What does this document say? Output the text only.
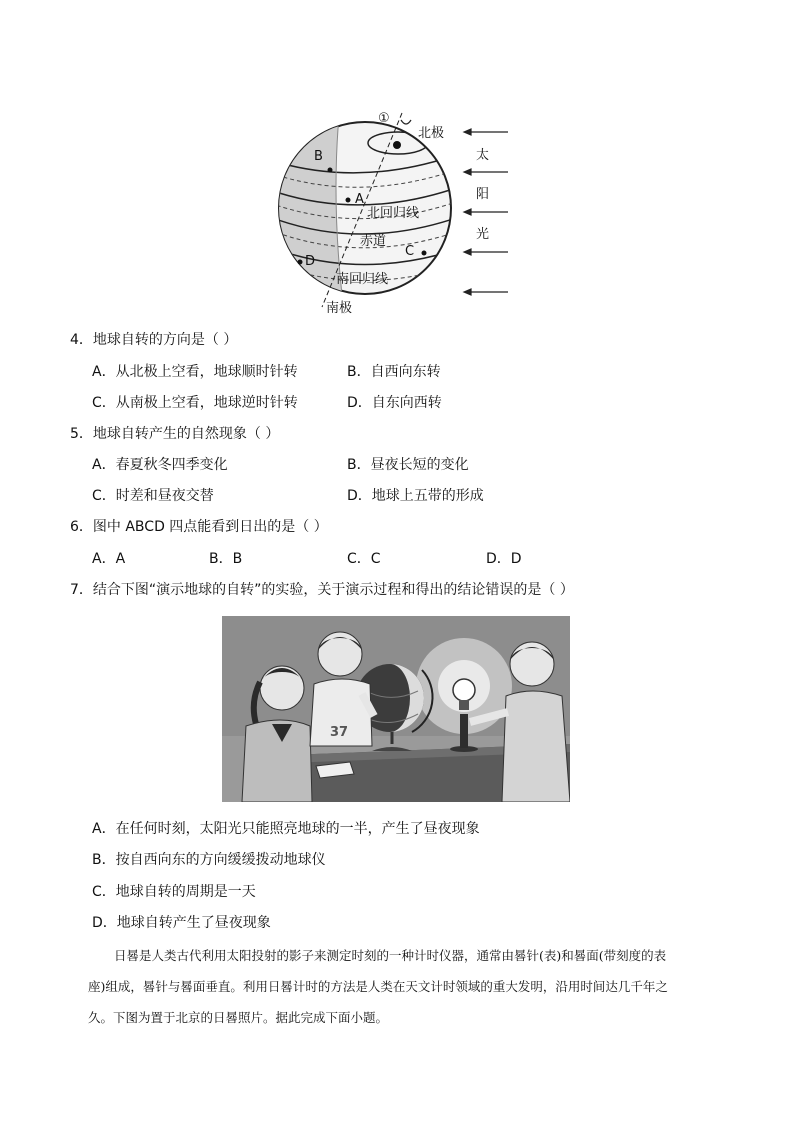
①
北极
B
A
北回归线
赤道
C
D
南回归线
南极
太
阳
光
4．地球自转的方向是（ ）
A．从北极上空看，地球顺时针转	B．自西向东转
C．从南极上空看，地球逆时针转	D．自东向西转
5．地球自转产生的自然现象（ ）
A．春夏秋冬四季变化	B．昼夜长短的变化
C．时差和昼夜交替	D．地球上五带的形成
6．图中 ABCD 四点能看到日出的是（ ）
A．A	B．B	C．C	D．D
7．结合下图“演示地球的自转”的实验，关于演示过程和得出的结论错误的是（ ）
37
A．在任何时刻，太阳光只能照亮地球的一半，产生了昼夜现象
B．按自西向东的方向缓缓拨动地球仪
C．地球自转的周期是一天
D．地球自转产生了昼夜现象
日晷是人类古代利用太阳投射的影子来测定时刻的一种计时仪器，通常由晷针(表)和晷面(带刻度的表
座)组成，晷针与晷面垂直。利用日晷计时的方法是人类在天文计时领域的重大发明，沿用时间达几千年之
久。下图为置于北京的日晷照片。据此完成下面小题。
